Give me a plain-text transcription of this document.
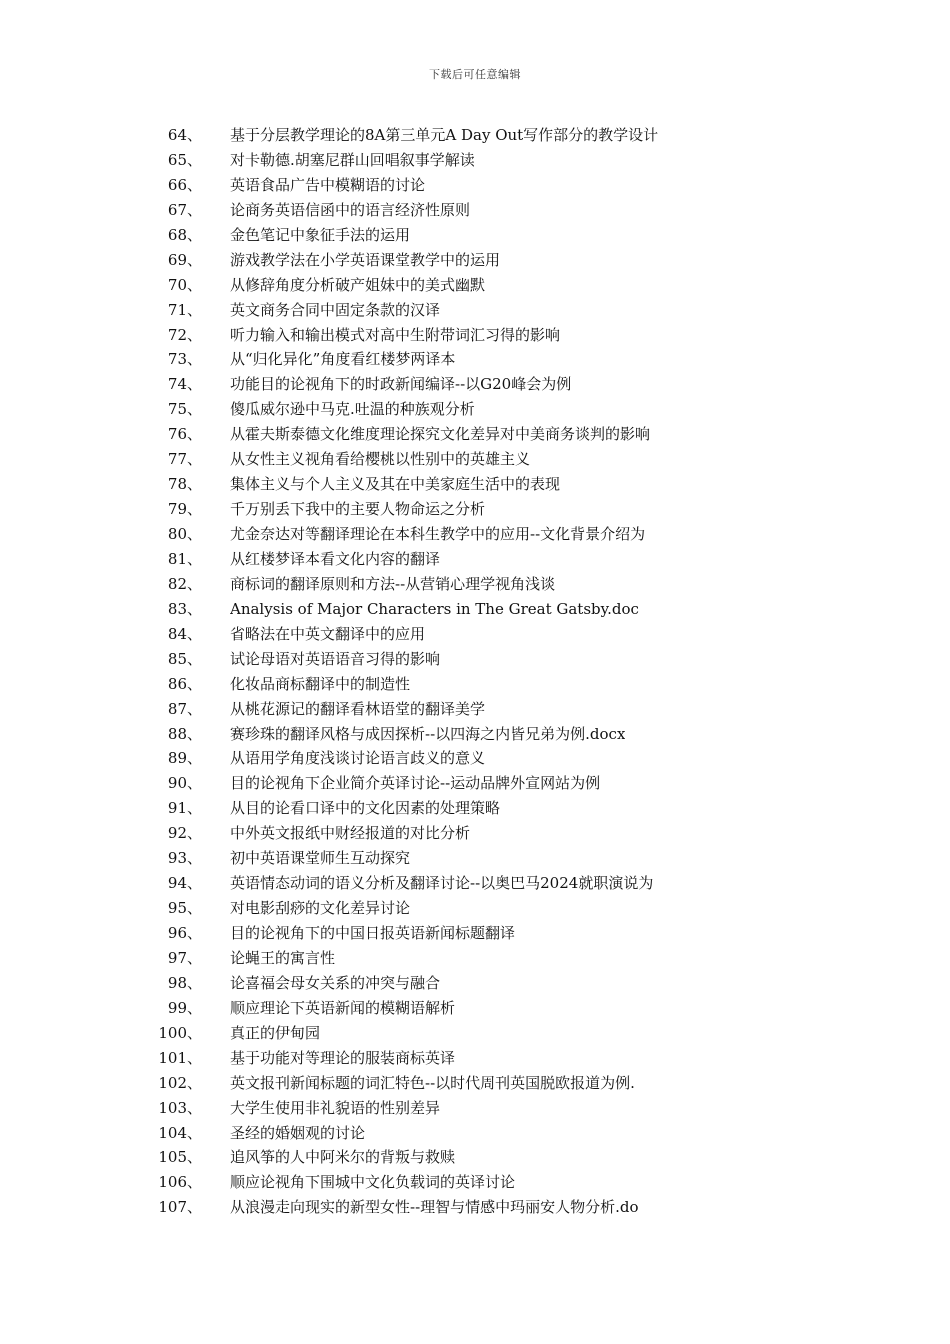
下载后可任意编辑
64、 基于分层教学理论的8A第三单元A Day Out写作部分的教学设计
65、 对卡勒德.胡塞尼群山回唱叙事学解读
66、 英语食品广告中模糊语的讨论
67、 论商务英语信函中的语言经济性原则
68、 金色笔记中象征手法的运用
69、 游戏教学法在小学英语课堂教学中的运用
70、 从修辞角度分析破产姐妹中的美式幽默
71、 英文商务合同中固定条款的汉译
72、 听力输入和输出模式对高中生附带词汇习得的影响
73、 从“归化异化”角度看红楼梦两译本
74、 功能目的论视角下的时政新闻编译--以G20峰会为例
75、 傻瓜威尔逊中马克.吐温的种族观分析
76、 从霍夫斯泰德文化维度理论探究文化差异对中美商务谈判的影响
77、 从女性主义视角看给樱桃以性别中的英雄主义
78、 集体主义与个人主义及其在中美家庭生活中的表现
79、 千万别丢下我中的主要人物命运之分析
80、 尤金奈达对等翻译理论在本科生教学中的应用--文化背景介绍为
81、 从红楼梦译本看文化内容的翻译
82、 商标词的翻译原则和方法--从营销心理学视角浅谈
83、 Analysis of Major Characters in The Great Gatsby.doc
84、 省略法在中英文翻译中的应用
85、 试论母语对英语语音习得的影响
86、 化妆品商标翻译中的制造性
87、 从桃花源记的翻译看林语堂的翻译美学
88、 赛珍珠的翻译风格与成因探析--以四海之内皆兄弟为例.docx
89、 从语用学角度浅谈讨论语言歧义的意义
90、 目的论视角下企业简介英译讨论--运动品牌外宣网站为例
91、 从目的论看口译中的文化因素的处理策略
92、 中外英文报纸中财经报道的对比分析
93、 初中英语课堂师生互动探究
94、 英语情态动词的语义分析及翻译讨论--以奥巴马2024就职演说为
95、 对电影刮痧的文化差异讨论
96、 目的论视角下的中国日报英语新闻标题翻译
97、 论蝇王的寓言性
98、 论喜福会母女关系的冲突与融合
99、 顺应理论下英语新闻的模糊语解析
100、 真正的伊甸园
101、 基于功能对等理论的服装商标英译
102、 英文报刊新闻标题的词汇特色--以时代周刊英国脱欧报道为例.
103、 大学生使用非礼貌语的性别差异
104、 圣经的婚姻观的讨论
105、 追风筝的人中阿米尔的背叛与救赎
106、 顺应论视角下围城中文化负载词的英译讨论
107、 从浪漫走向现实的新型女性--理智与情感中玛丽安人物分析.do
